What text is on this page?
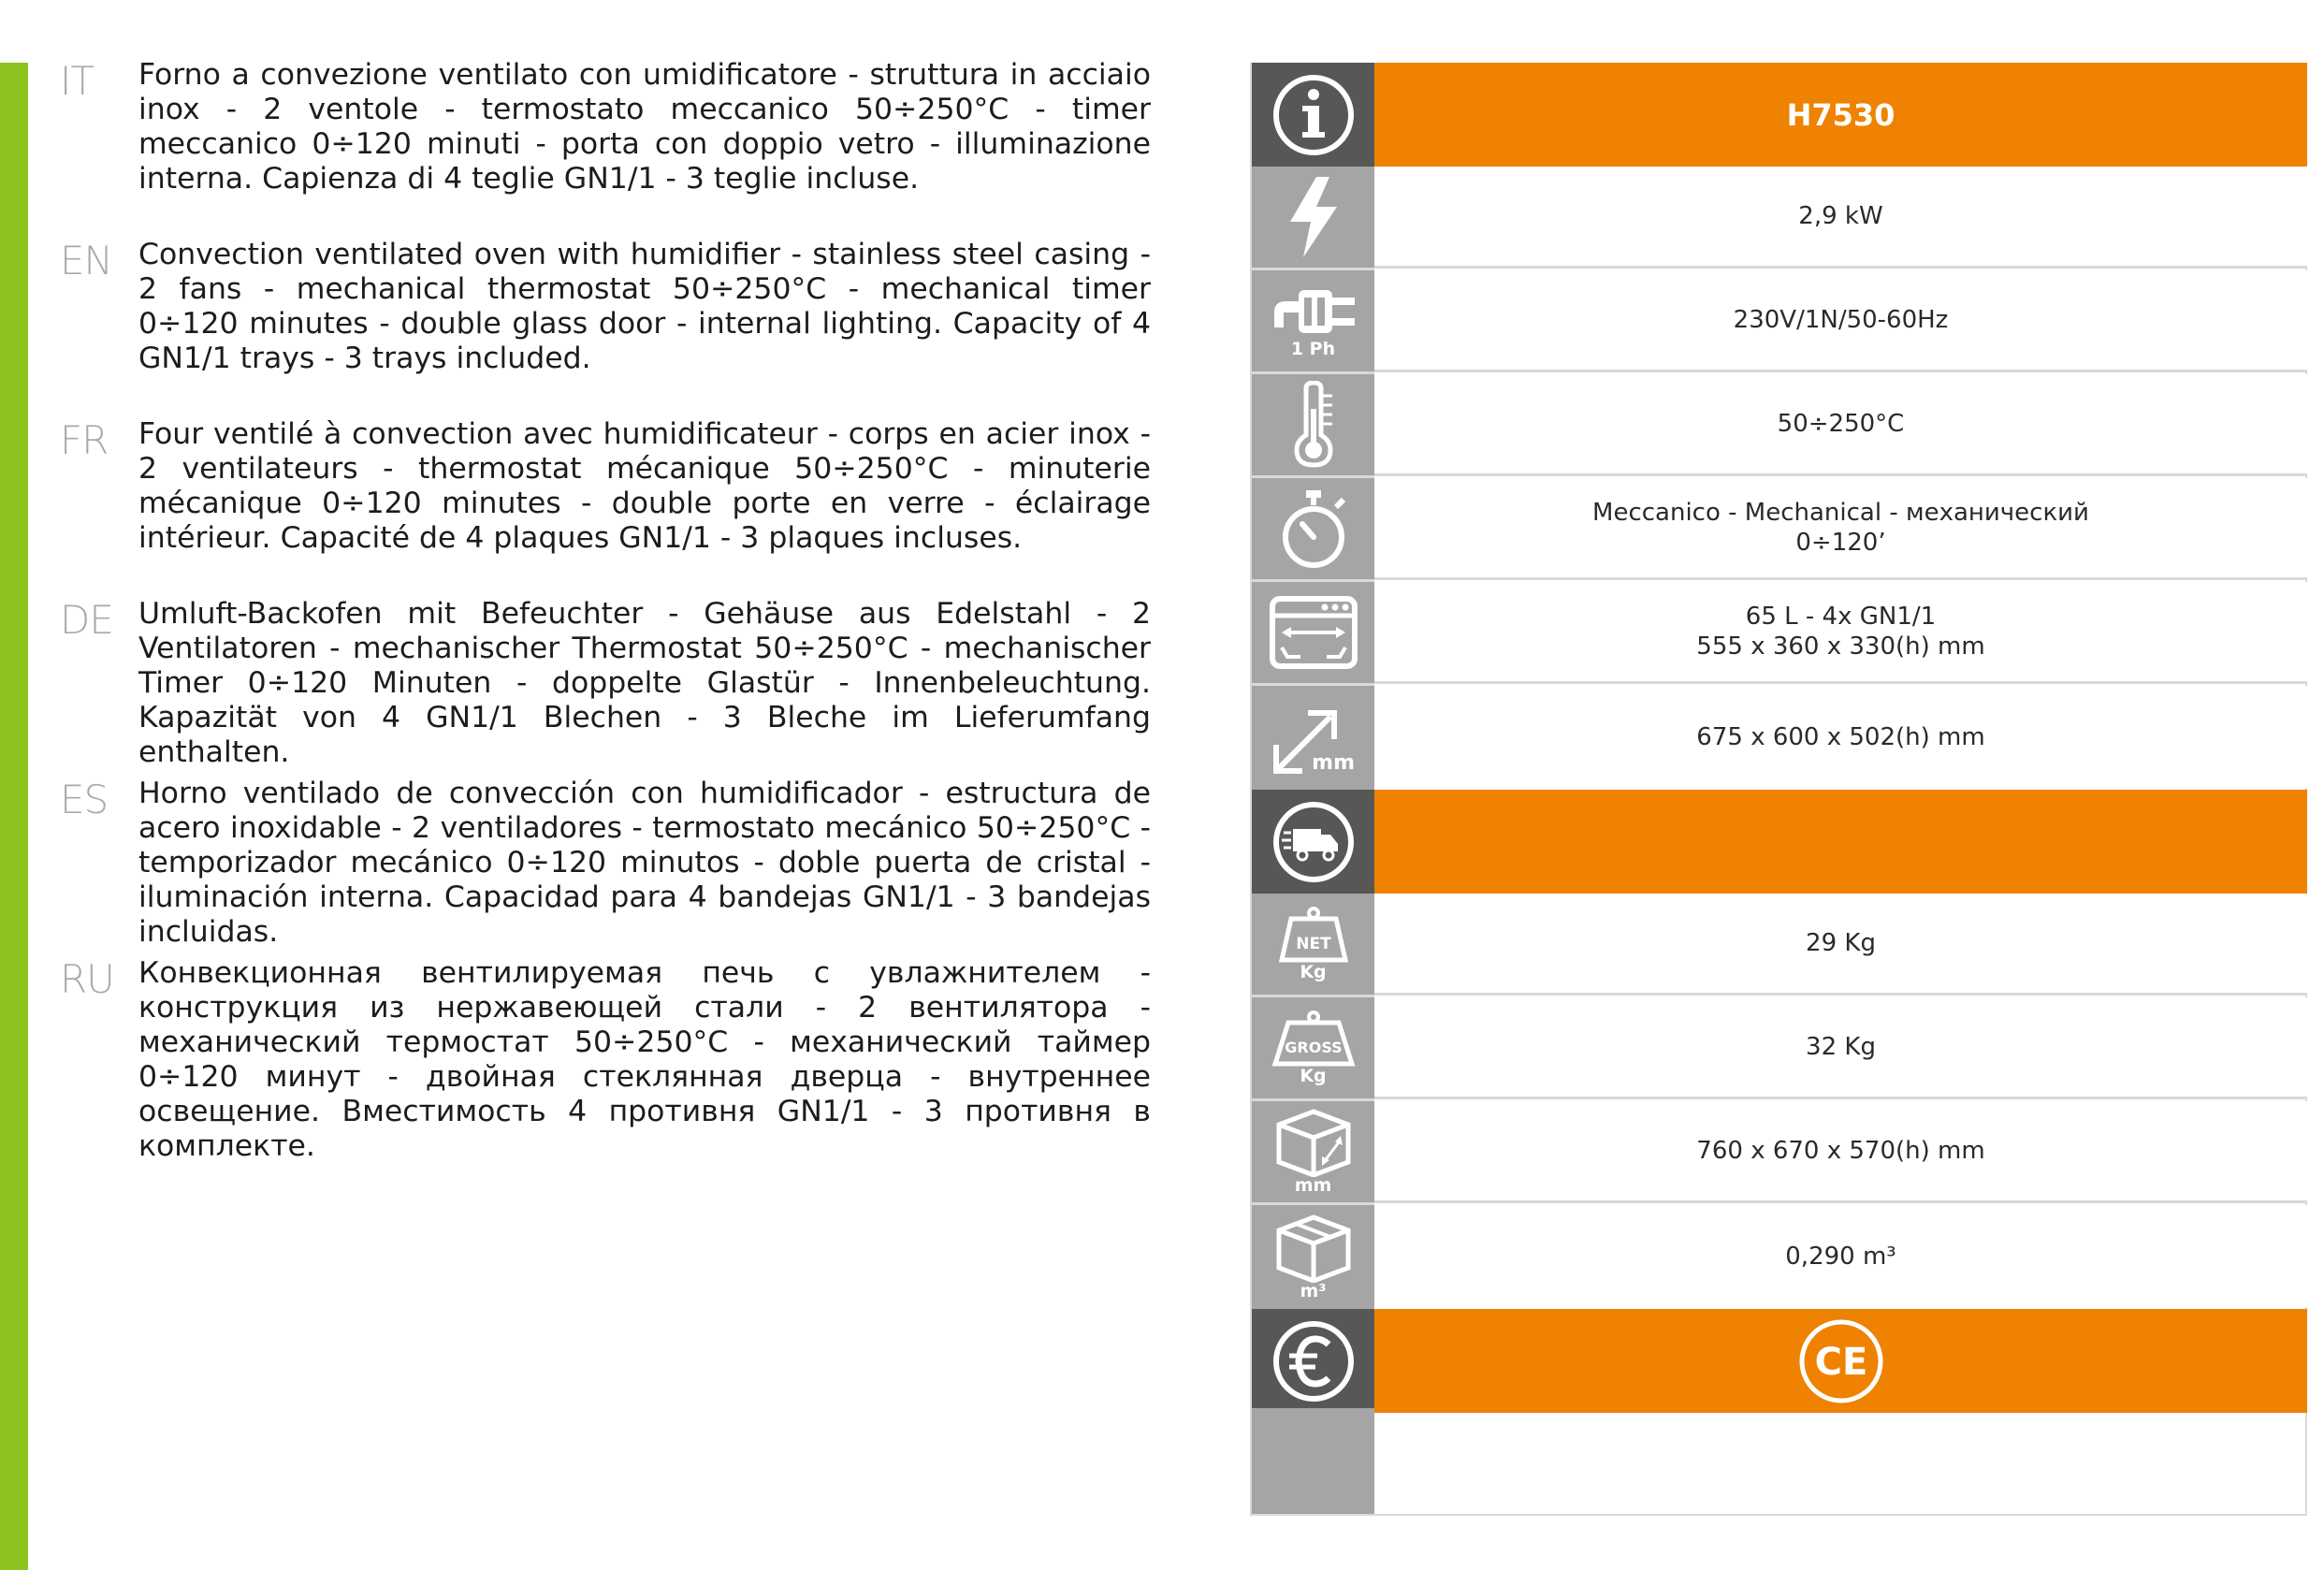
IT Forno a convezione ventilato con umidificatore - struttura in acciaio inox - 2 ventole - termostato meccanico 50÷250°C - timer meccanico 0÷120 minuti - porta con doppio vetro - illuminazione interna. Capienza di 4 teglie GN1/1 - 3 teglie incluse.
EN Convection ventilated oven with humidifier - stainless steel casing - 2 fans - mechanical thermostat 50÷250°C - mechanical timer 0÷120 minutes - double glass door - internal lighting. Capacity of 4 GN1/1 trays - 3 trays included.
FR Four ventilé à convection avec humidificateur - corps en acier inox - 2 ventilateurs - thermostat mécanique 50÷250°C - minuterie mécanique 0÷120 minutes - double porte en verre - éclairage intérieur. Capacité de 4 plaques GN1/1 - 3 plaques incluses.
DE Umluft-Backofen mit Befeuchter - Gehäuse aus Edelstahl - 2 Ventilatoren - mechanischer Thermostat 50÷250°C - mechanischer Timer 0÷120 Minuten - doppelte Glastür - Innenbeleuchtung. Kapazität von 4 GN1/1 Blechen - 3 Bleche im Lieferumfang enthalten.
ES Horno ventilado de convección con humidificador - estructura de acero inoxidable - 2 ventiladores - termostato mecánico 50÷250°C - temporizador mecánico 0÷120 minutos - doble puerta de cristal - iluminación interna. Capacidad para 4 bandejas GN1/1 - 3 bandejas incluidas.
RU Конвекционная вентилируемая печь с увлажнителем - конструкция из нержавеющей стали - 2 вентилятора - механический термостат 50÷250°C - механический таймер 0÷120 минут - двойная стеклянная дверца - внутреннее освещение. Вместимость 4 противня GN1/1 - 3 противня в комплекте.
H7530
2,9 kW
1 Ph
230V/1N/50-60Hz
50÷250°C
Meccanico - Mechanical - механический
0÷120’
65 L - 4x GN1/1
555 x 360 x 330(h) mm
mm
675 x 600 x 502(h) mm
NET
Kg
29 Kg
GROSS
Kg
32 Kg
mm
760 x 670 x 570(h) mm
m³
0,290 m³
CE
